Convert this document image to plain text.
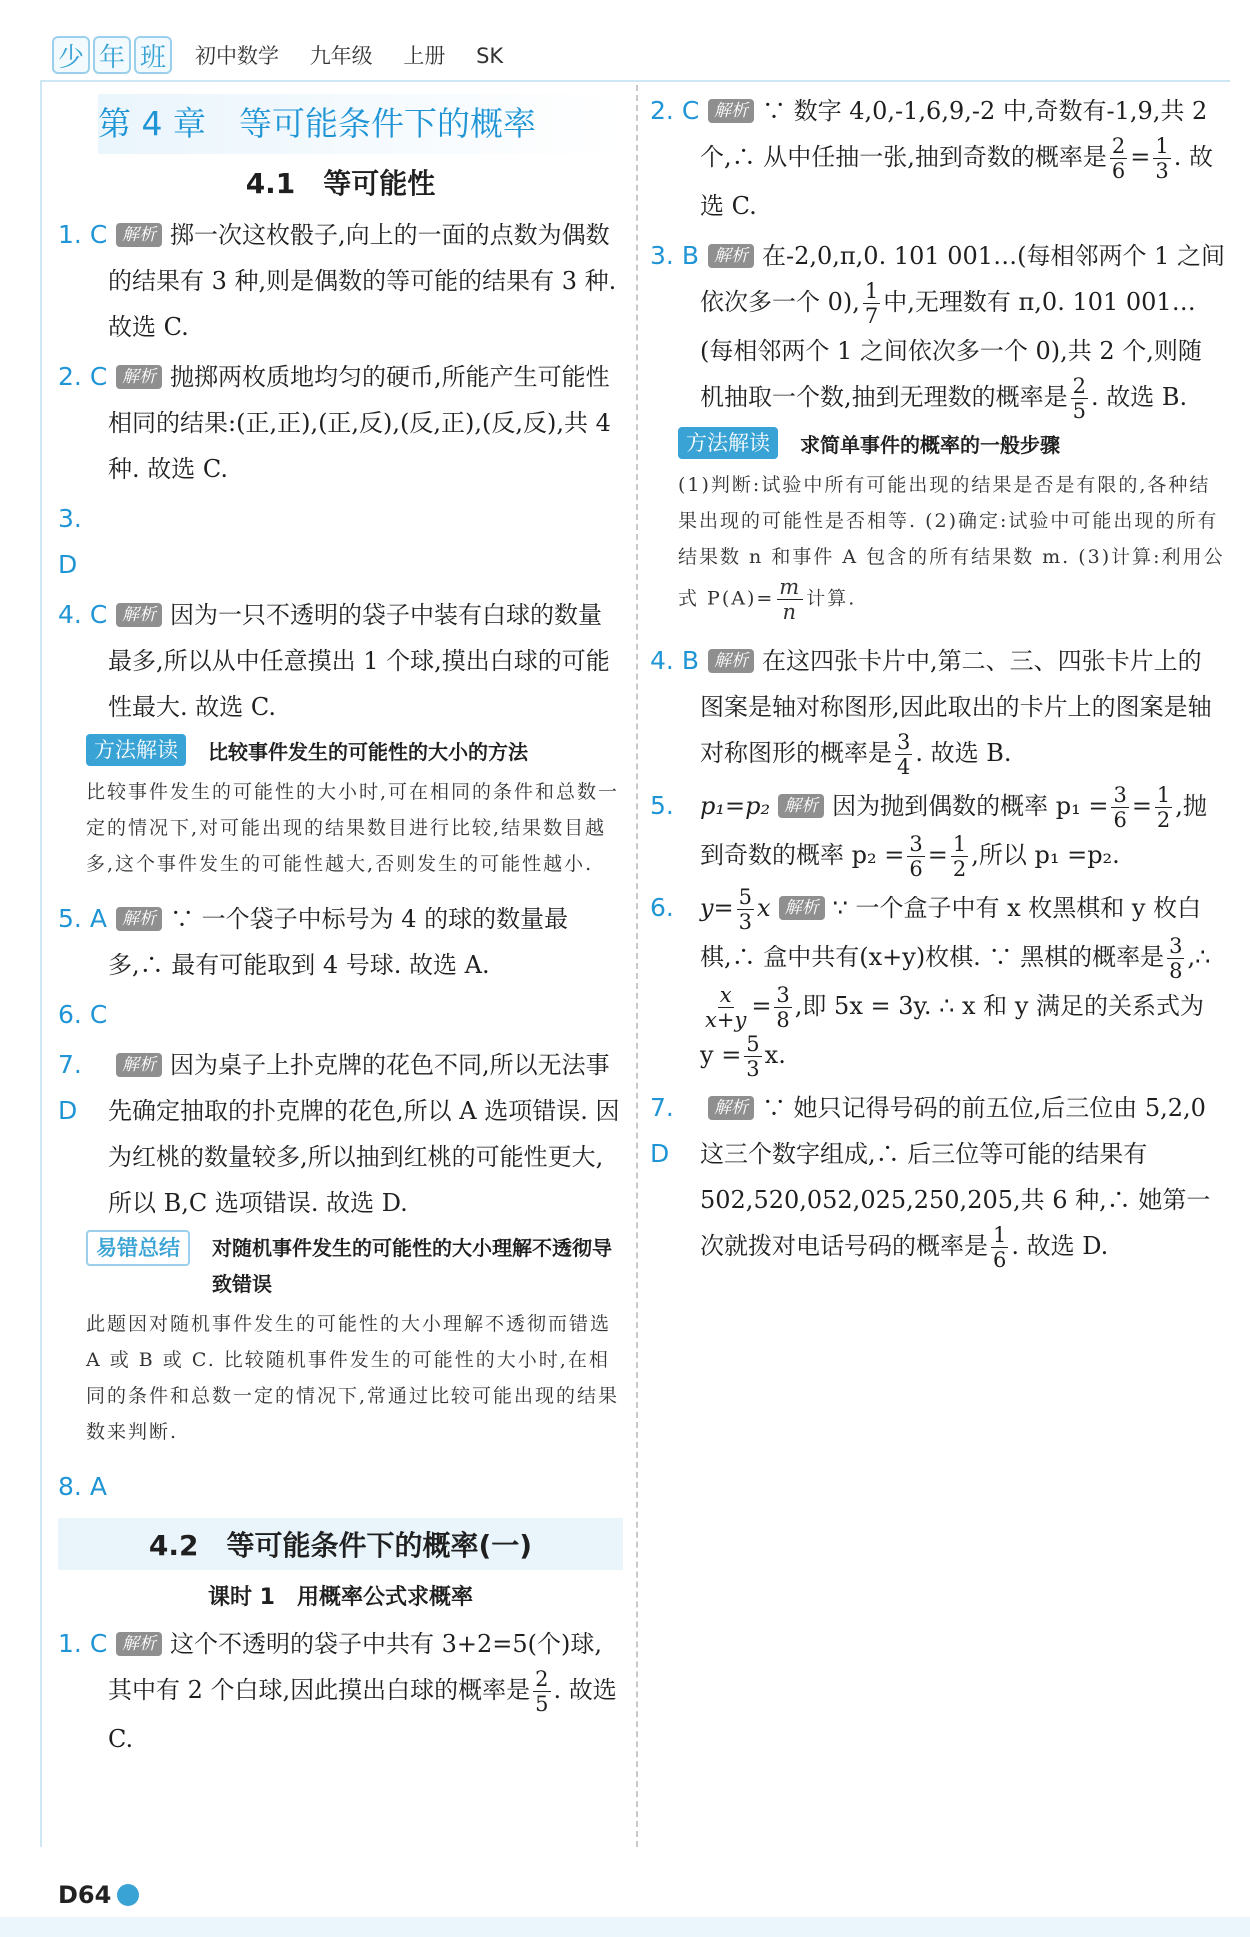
少 年 班 初中数学 九年级 上册 SK
第 4 章　等可能条件下的概率
4.1　等可能性
1. C 解析 掷一次这枚骰子,向上的一面的点数为偶数的结果有 3 种,则是偶数的等可能的结果有 3 种. 故选 C.
2. C 解析 抛掷两枚质地均匀的硬币,所能产生可能性相同的结果:(正,正),(正,反),(反,正),(反,反),共 4 种. 故选 C.
3. D
4. C 解析 因为一只不透明的袋子中装有白球的数量最多,所以从中任意摸出 1 个球,摸出白球的可能性最大. 故选 C.
方法解读	比较事件发生的可能性的大小的方法
比较事件发生的可能性的大小时,可在相同的条件和总数一定的情况下,对可能出现的结果数目进行比较,结果数目越多,这个事件发生的可能性越大,否则发生的可能性越小.
5. A 解析 ∵ 一个袋子中标号为 4 的球的数量最多,∴ 最有可能取到 4 号球. 故选 A.
6. C
7. D
解析 因为桌子上扑克牌的花色不同,所以无法事先确定抽取的扑克牌的花色,所以 A 选项错误. 因为红桃的数量较多,所以抽到红桃的可能性更大,所以 B,C 选项错误. 故选 D.
易错总结	对随机事件发生的可能性的大小理解不透彻导致错误
此题因对随机事件发生的可能性的大小理解不透彻而错选 A 或 B 或 C. 比较随机事件发生的可能性的大小时,在相同的条件和总数一定的情况下,常通过比较可能出现的结果数来判断.
8. A
4.2　等可能条件下的概率(一)
课时 1　用概率公式求概率
1. C 解析 这个不透明的袋子中共有 3+2=5(个)球,其中有 2 个白球,因此摸出白球的概率是 $\frac{2}{5}$ . 故选 C.
2. C 解析 ∵ 数字 4,0,-1,6,9,-2 中,奇数有-1,9,共 2 个,∴ 从中任抽一张,抽到奇数的概率是 $\frac{2}{6} = \frac{1}{3}$ . 故选 C.
3. B 解析 在-2,0,π,0. 101 001…(每相邻两个 1 之间依次多一个 0), $\frac{1}{7}$ 中,无理数有 π,0. 101 001…(每相邻两个 1 之间依次多一个 0),共 2 个,则随机抽取一个数,抽到无理数的概率是 $\frac{2}{5}$ . 故选 B.
方法解读	求简单事件的概率的一般步骤
(1)判断:试验中所有可能出现的结果是否是有限的,各种结果出现的可能性是否相等. (2)确定:试验中可能出现的所有结果数 n 和事件 A 包含的所有结果数 m. (3)计算:利用公式 $P(A)= \frac{m}{n}$ 计算.
4. B 解析 在这四张卡片中,第二、三、四张卡片上的图案是轴对称图形,因此取出的卡片上的图案是轴对称图形的概率是 $\frac{3}{4}$ . 故选 B.
5.	p₁=p₂ 解析 因为抛到偶数的概率 $p_1 = \frac{3}{6} = \frac{1}{2}$ ,抛到奇数的概率 $p_2 = \frac{3}{6} = \frac{1}{2}$ ,所以 p₁ =p₂.
6.	$y= \frac{5}{3}$ x 解析 ∵ 一个盒子中有 x 枚黑棋和 y 枚白棋,∴ 盒中共有(x+y)枚棋. ∵ 黑棋的概率是 $\frac{3}{8}$ ,∴
$\frac{x}{x+y} = \frac{3}{8}$ ,即 5x = 3y. ∴ x 和 y 满足的关系式为 $y = \frac{5}{3} x$.
7. D
解析 ∵ 她只记得号码的前五位,后三位由 5,2,0 这三个数字组成,∴ 后三位等可能的结果有 502,520,052,025,250,205,共 6 种,∴ 她第一次就拨对电话号码的概率是 $\frac{1}{6}$ . 故选 D.
D64
